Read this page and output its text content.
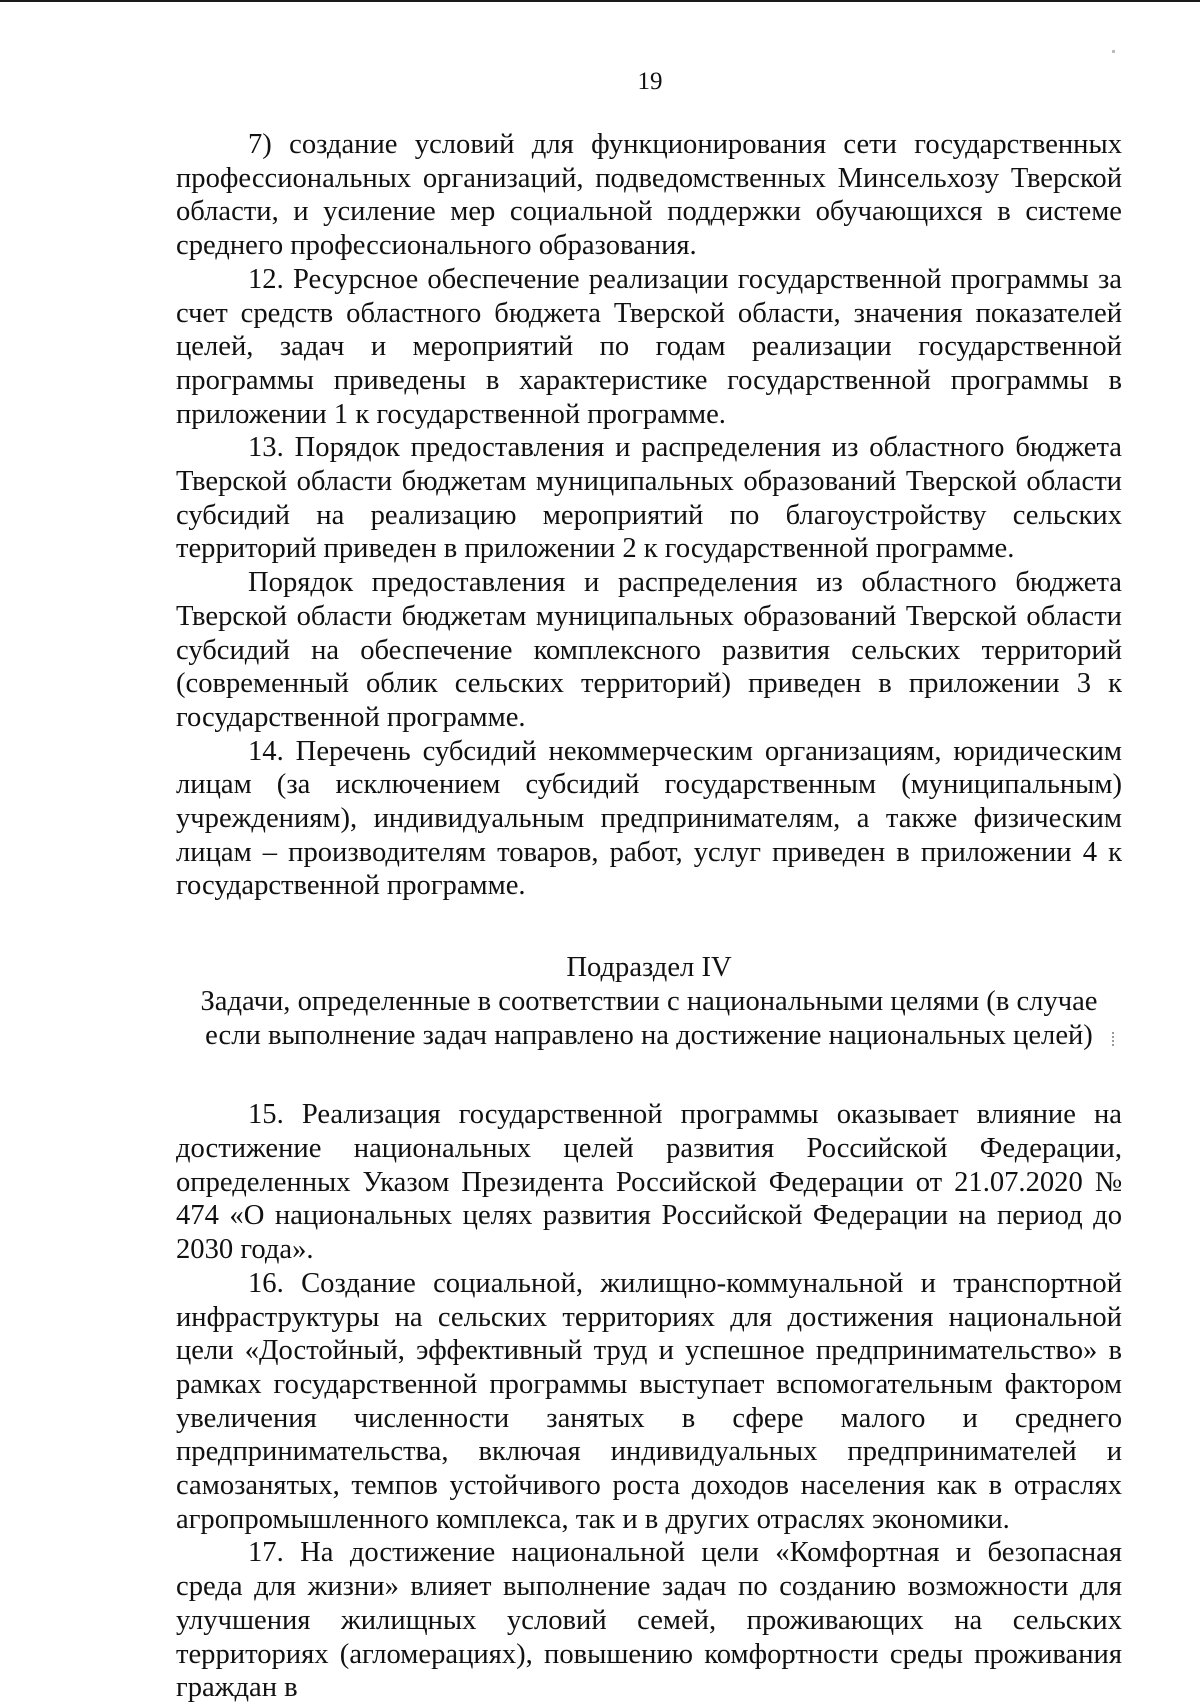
19

7) создание условий для функционирования сети государственных профессиональных организаций, подведомственных Минсельхозу Тверской области, и усиление мер социальной поддержки обучающихся в системе среднего профессионального образования.

12. Ресурсное обеспечение реализации государственной программы за счет средств областного бюджета Тверской области, значения показателей целей, задач и мероприятий по годам реализации государственной программы приведены в характеристике государственной программы в приложении 1 к государственной программе.

13. Порядок предоставления и распределения из областного бюджета Тверской области бюджетам муниципальных образований Тверской области субсидий на реализацию мероприятий по благоустройству сельских территорий приведен в приложении 2 к государственной программе.

Порядок предоставления и распределения из областного бюджета Тверской области бюджетам муниципальных образований Тверской области субсидий на обеспечение комплексного развития сельских территорий (современный облик сельских территорий) приведен в приложении 3 к государственной программе.

14. Перечень субсидий некоммерческим организациям, юридическим лицам (за исключением субсидий государственным (муниципальным) учреждениям), индивидуальным предпринимателям, а также физическим лицам – производителям товаров, работ, услуг приведен в приложении 4 к государственной программе.

Подраздел IV

Задачи, определенные в соответствии с национальными целями (в случае если выполнение задач направлено на достижение национальных целей)

15. Реализация государственной программы оказывает влияние на достижение национальных целей развития Российской Федерации, определенных Указом Президента Российской Федерации от 21.07.2020 № 474 «О национальных целях развития Российской Федерации на период до 2030 года».

16. Создание социальной, жилищно-коммунальной и транспортной инфраструктуры на сельских территориях для достижения национальной цели «Достойный, эффективный труд и успешное предпринимательство» в рамках государственной программы выступает вспомогательным фактором увеличения численности занятых в сфере малого и среднего предпринимательства, включая индивидуальных предпринимателей и самозанятых, темпов устойчивого роста доходов населения как в отраслях агропромышленного комплекса, так и в других отраслях экономики.

17. На достижение национальной цели «Комфортная и безопасная среда для жизни» влияет выполнение задач по созданию возможности для улучшения жилищных условий семей, проживающих на сельских территориях (агломерациях), повышению комфортности среды проживания граждан в
